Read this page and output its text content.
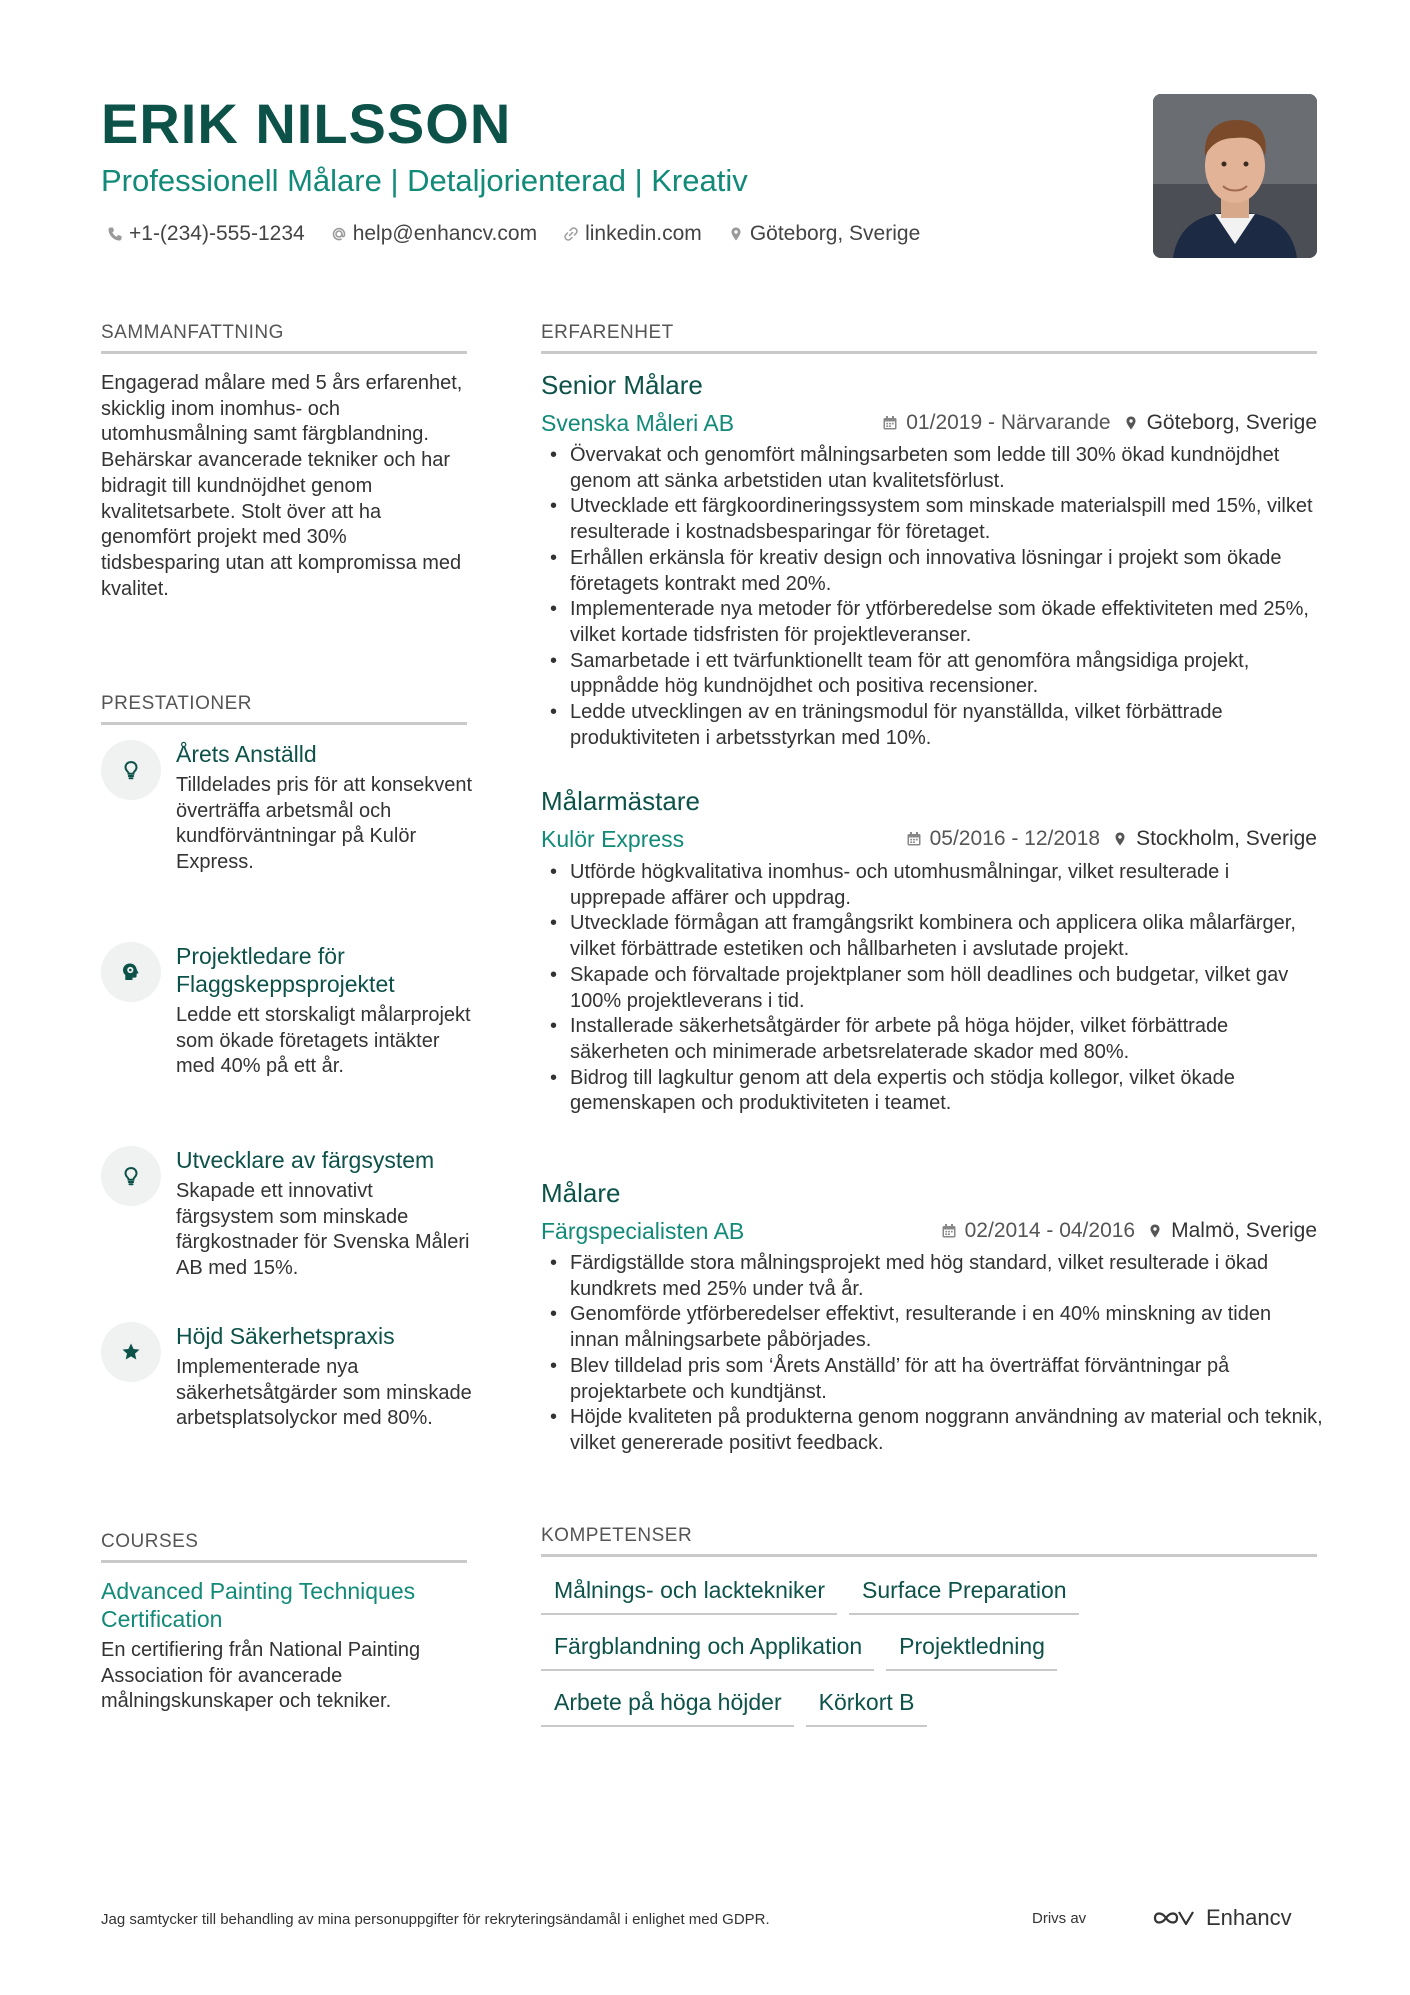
ERIK NILSSON
Professionell Målare | Detaljorienterad | Kreativ
+1-(234)-555-1234 help@enhancv.com linkedin.com Göteborg, Sverige
SAMMANFATTNING
Engagerad målare med 5 års erfarenhet, skicklig inom inomhus- och utomhusmålning samt färgblandning. Behärskar avancerade tekniker och har bidragit till kundnöjdhet genom kvalitetsarbete. Stolt över att ha genomfört projekt med 30% tidsbesparing utan att kompromissa med kvalitet.
PRESTATIONER
Årets Anställd
Tilldelades pris för att konsekvent överträffa arbetsmål och kundförväntningar på Kulör Express.
Projektledare för Flaggskeppsprojektet
Ledde ett storskaligt målarprojekt som ökade företagets intäkter med 40% på ett år.
Utvecklare av färgsystem
Skapade ett innovativt färgsystem som minskade färgkostnader för Svenska Måleri AB med 15%.
Höjd Säkerhetspraxis
Implementerade nya säkerhetsåtgärder som minskade arbetsplatsolyckor med 80%.
COURSES
Advanced Painting Techniques Certification
En certifiering från National Painting Association för avancerade målningskunskaper och tekniker.
ERFARENHET
Senior Målare
Svenska Måleri AB	01/2019 - Närvarande Göteborg, Sverige
• Övervakat och genomfört målningsarbeten som ledde till 30% ökad kundnöjdhet genom att sänka arbetstiden utan kvalitetsförlust.
• Utvecklade ett färgkoordineringssystem som minskade materialspill med 15%, vilket resulterade i kostnadsbesparingar för företaget.
• Erhållen erkänsla för kreativ design och innovativa lösningar i projekt som ökade företagets kontrakt med 20%.
• Implementerade nya metoder för ytförberedelse som ökade effektiviteten med 25%, vilket kortade tidsfristen för projektleveranser.
• Samarbetade i ett tvärfunktionellt team för att genomföra mångsidiga projekt, uppnådde hög kundnöjdhet och positiva recensioner.
• Ledde utvecklingen av en träningsmodul för nyanställda, vilket förbättrade produktiviteten i arbetsstyrkan med 10%.
Målarmästare
Kulör Express	05/2016 - 12/2018 Stockholm, Sverige
• Utförde högkvalitativa inomhus- och utomhusmålningar, vilket resulterade i upprepade affärer och uppdrag.
• Utvecklade förmågan att framgångsrikt kombinera och applicera olika målarfärger, vilket förbättrade estetiken och hållbarheten i avslutade projekt.
• Skapade och förvaltade projektplaner som höll deadlines och budgetar, vilket gav 100% projektleverans i tid.
• Installerade säkerhetsåtgärder för arbete på höga höjder, vilket förbättrade säkerheten och minimerade arbetsrelaterade skador med 80%.
• Bidrog till lagkultur genom att dela expertis och stödja kollegor, vilket ökade gemenskapen och produktiviteten i teamet.
Målare
Färgspecialisten AB	02/2014 - 04/2016 Malmö, Sverige
• Färdigställde stora målningsprojekt med hög standard, vilket resulterade i ökad kundkrets med 25% under två år.
• Genomförde ytförberedelser effektivt, resulterande i en 40% minskning av tiden innan målningsarbete påbörjades.
• Blev tilldelad pris som ‘Årets Anställd’ för att ha överträffat förväntningar på projektarbete och kundtjänst.
• Höjde kvaliteten på produkterna genom noggrann användning av material och teknik, vilket genererade positivt feedback.
KOMPETENSER
Målnings- och lacktekniker	Surface Preparation
Färgblandning och Applikation	Projektledning
Arbete på höga höjder	Körkort B
Jag samtycker till behandling av mina personuppgifter för rekryteringsändamål i enlighet med GDPR.	Drivs av	Enhancv
